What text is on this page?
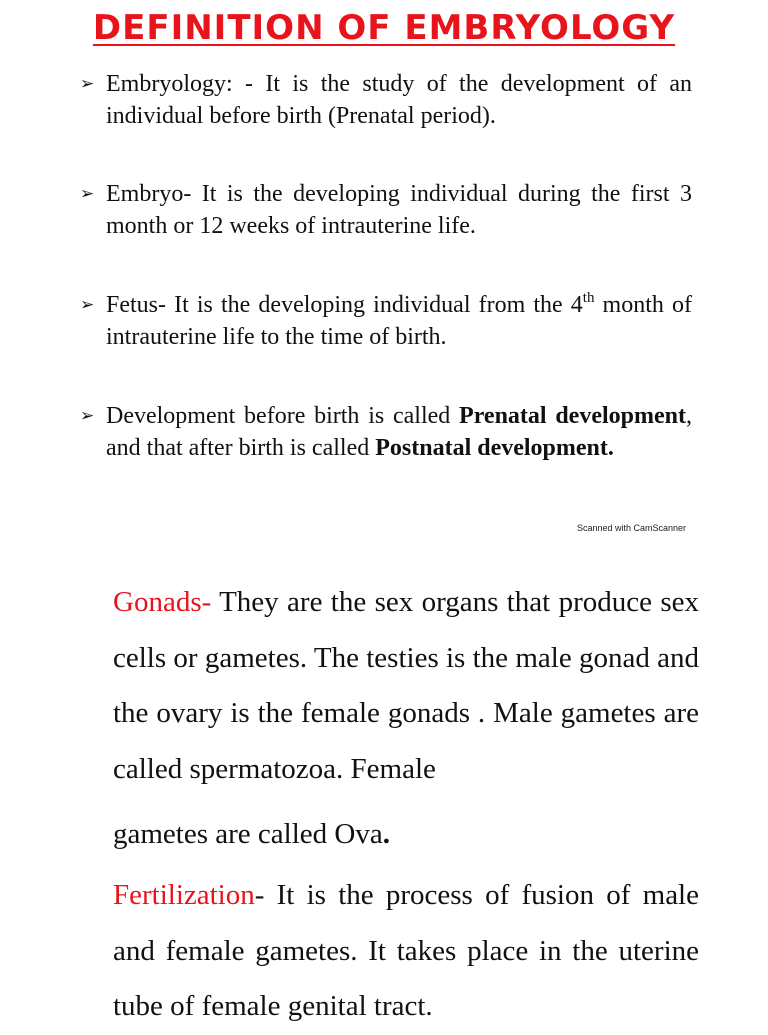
DEFINITION OF EMBRYOLOGY
➢ Embryology: - It is the study of the development of an individual before birth (Prenatal period).
➢ Embryo- It is the developing individual during the first 3 month or 12 weeks of intrauterine life.
➢ Fetus- It is the developing individual from the 4th month of intrauterine life to the time of birth.
➢ Development before birth is called Prenatal development, and that after birth is called Postnatal development.
Scanned with CamScanner
Gonads- They are the sex organs that produce sex cells or gametes. The testies is the male gonad and the ovary is the female gonads . Male gametes are called spermatozoa. Female
gametes are called Ova.
Fertilization- It is the process of fusion of male and female gametes. It takes place in the uterine tube of female genital tract.
